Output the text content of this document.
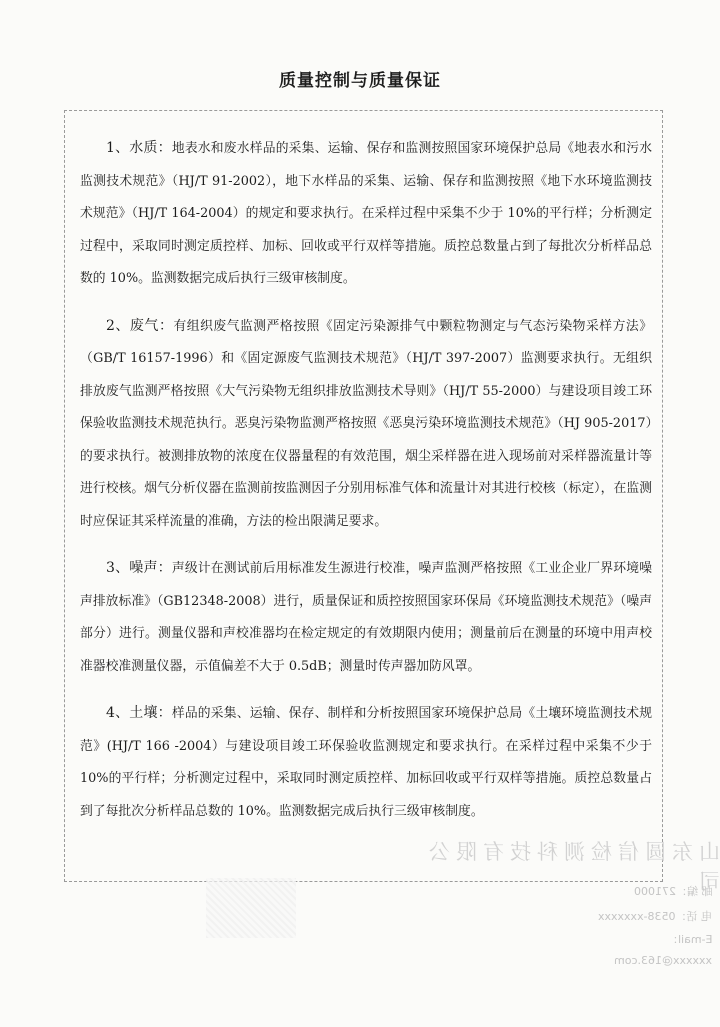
质量控制与质量保证

1、水质：地表水和废水样品的采集、运输、保存和监测按照国家环境保护总局《地表水和污水监测技术规范》（HJ/T 91-2002），地下水样品的采集、运输、保存和监测按照《地下水环境监测技术规范》（HJ/T 164-2004）的规定和要求执行。在采样过程中采集不少于 10%的平行样；分析测定过程中，采取同时测定质控样、加标、回收或平行双样等措施。质控总数量占到了每批次分析样品总数的 10%。监测数据完成后执行三级审核制度。

2、废气：有组织废气监测严格按照《固定污染源排气中颗粒物测定与气态污染物采样方法》（GB/T 16157-1996）和《固定源废气监测技术规范》（HJ/T 397-2007）监测要求执行。无组织排放废气监测严格按照《大气污染物无组织排放监测技术导则》（HJ/T 55-2000）与建设项目竣工环保验收监测技术规范执行。恶臭污染物监测严格按照《恶臭污染环境监测技术规范》（HJ 905-2017）的要求执行。被测排放物的浓度在仪器量程的有效范围，烟尘采样器在进入现场前对采样器流量计等进行校核。烟气分析仪器在监测前按监测因子分别用标准气体和流量计对其进行校核（标定），在监测时应保证其采样流量的准确，方法的检出限满足要求。

3、噪声：声级计在测试前后用标准发生源进行校准，噪声监测严格按照《工业企业厂界环境噪声排放标准》（GB12348-2008）进行，质量保证和质控按照国家环保局《环境监测技术规范》（噪声部分）进行。测量仪器和声校准器均在检定规定的有效期限内使用；测量前后在测量的环境中用声校准器校准测量仪器，示值偏差不大于 0.5dB；测量时传声器加防风罩。

4、土壤：样品的采集、运输、保存、制样和分析按照国家环境保护总局《土壤环境监测技术规范》(HJ/T 166 -2004）与建设项目竣工环保验收监测规定和要求执行。在采样过程中采集不少于 10%的平行样；分析测定过程中，采取同时测定质控样、加标回收或平行双样等措施。质控总数量占到了每批次分析样品总数的 10%。监测数据完成后执行三级审核制度。

山东圆信检测科技有限公司
邮 编：271000
电 话：0538-xxxxxxx
E-mail：
xxxxxx@163.com
